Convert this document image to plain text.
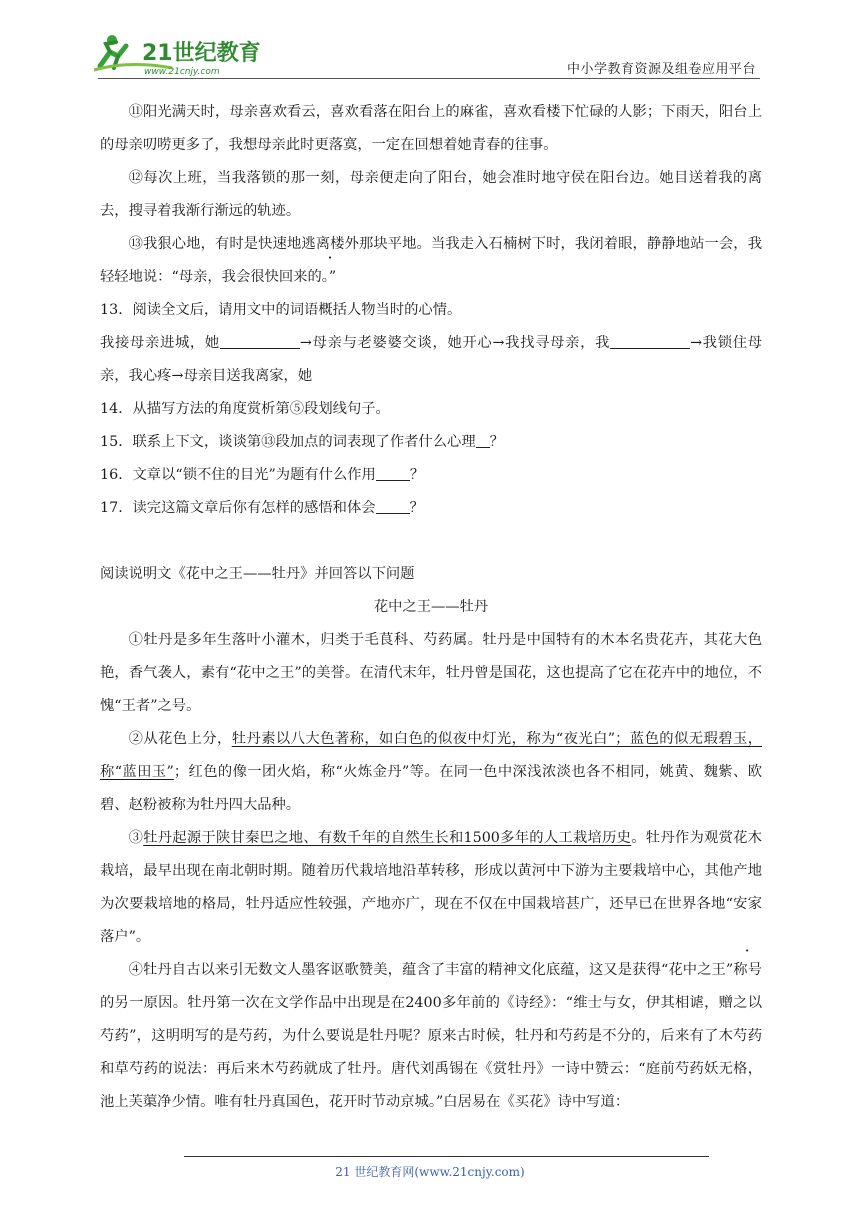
21世纪教育
www.21cnjy.com	中小学教育资源及组卷应用平台

⑪阳光满天时，母亲喜欢看云，喜欢看落在阳台上的麻雀，喜欢看楼下忙碌的人影；下雨天，阳台上的母亲叨唠更多了，我想母亲此时更落寞，一定在回想着她青春的往事。

⑫每次上班，当我落锁的那一刻，母亲便走向了阳台，她会准时地守侯在阳台边。她目送着我的离去，搜寻着我渐行渐远的轨迹。

⑬我狠心地，有时是快速地逃离楼外那块平地。当我走入石楠树下时，我闭着眼，静静地站一会，我轻轻地说：“母亲，我会很快回来的。”

13．阅读全文后，请用文中的词语概括人物当时的心情。

我接母亲进城，她	→母亲与老婆婆交谈，她开心→我找寻母亲，我	→我锁住母亲，我心疼→母亲目送我离家，她

14．从描写方法的角度赏析第⑤段划线句子。

15．联系上下文，谈谈第⑬段加点的词表现了作者什么心理 ？

16．文章以“锁不住的目光”为题有什么作用 ？

17．读完这篇文章后你有怎样的感悟和体会 ？

阅读说明文《花中之王——牡丹》并回答以下问题

花中之王——牡丹

①牡丹是多年生落叶小灌木，归类于毛茛科、芍药属。牡丹是中国特有的木本名贵花卉，其花大色艳，香气袭人，素有“花中之王”的美誉。在清代末年，牡丹曾是国花，这也提高了它在花卉中的地位，不愧“王者”之号。

②从花色上分，牡丹素以八大色著称，如白色的似夜中灯光，称为“夜光白”；蓝色的似无瑕碧玉，称“蓝田玉”；红色的像一团火焰，称“火炼金丹”等。在同一色中深浅浓淡也各不相同，姚黄、魏紫、欧碧、赵粉被称为牡丹四大品种。

③牡丹起源于陕甘秦巴之地、有数千年的自然生长和1500多年的人工栽培历史。牡丹作为观赏花木栽培，最早出现在南北朝时期。随着历代栽培地沿革转移，形成以黄河中下游为主要栽培中心，其他产地为次要栽培地的格局，牡丹适应性较强，产地亦广，现在不仅在中国栽培甚广，还早已在世界各地“安家落户 ·”。

④牡丹自古以来引无数文人墨客讴歌赞美，蕴含了丰富的精神文化底蕴，这又是获得“花中之王”称号的另一原因。牡丹第一次在文学作品中出现是在2400多年前的《诗经》：“维士与女，伊其相谑，赠之以芍药”，这明明写的是芍药，为什么要说是牡丹呢？原来古时候，牡丹和芍药是不分的，后来有了木芍药和草芍药的说法：再后来木芍药就成了牡丹。唐代刘禹锡在《赏牡丹》一诗中赞云：“庭前芍药妖无格，池上芙蕖净少情。唯有牡丹真国色，花开时节动京城。”白居易在《买花》诗中写道：

21 世纪教育网(www.21cnjy.com)
